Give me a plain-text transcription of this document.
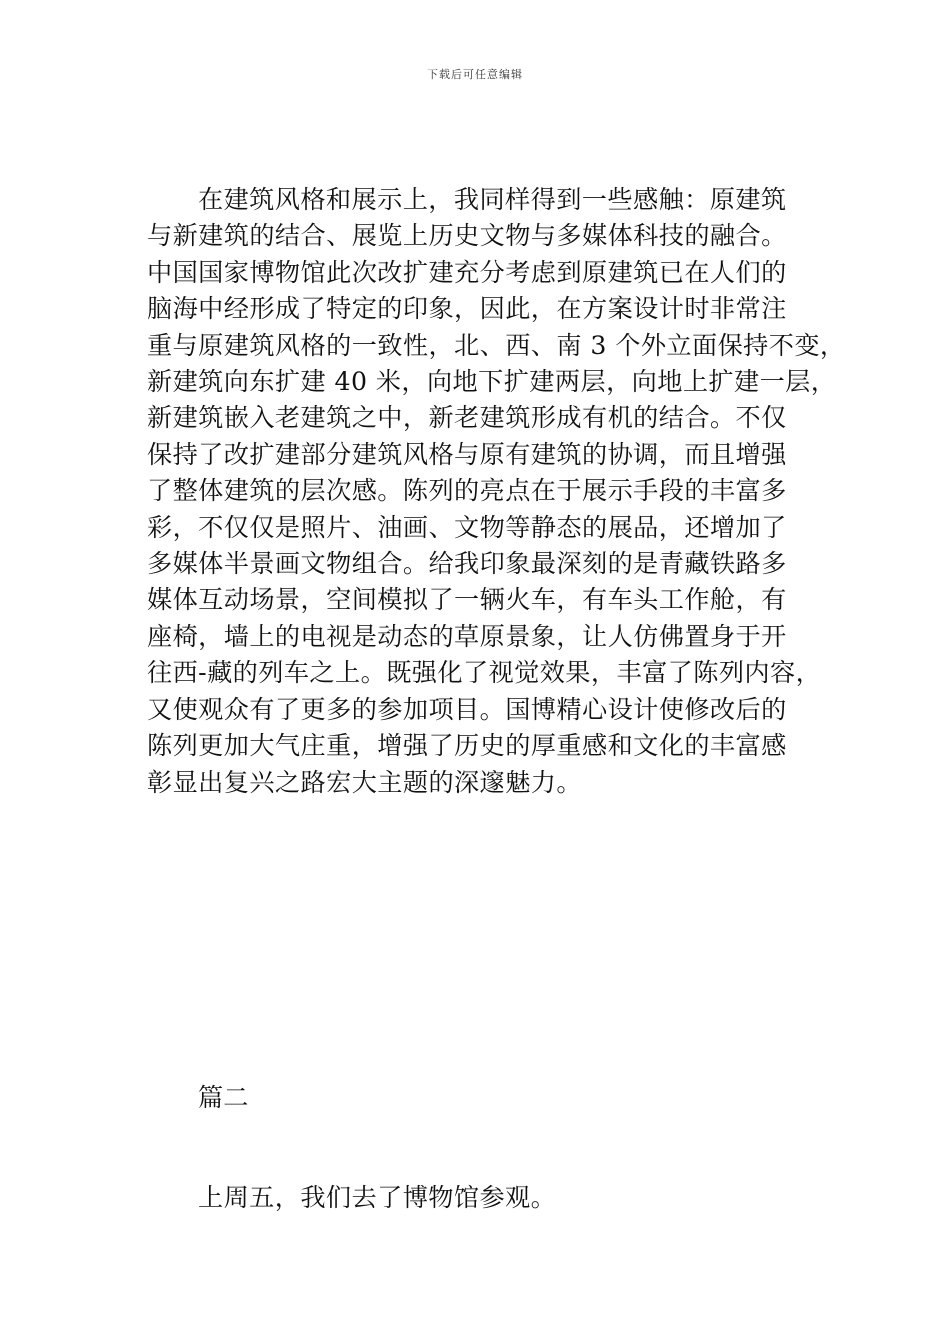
下载后可任意编辑
在建筑风格和展示上，我同样得到一些感触：原建筑
与新建筑的结合、展览上历史文物与多媒体科技的融合。
中国国家博物馆此次改扩建充分考虑到原建筑已在人们的
脑海中经形成了特定的印象，因此，在方案设计时非常注
重与原建筑风格的一致性，北、西、南 3 个外立面保持不变，
新建筑向东扩建 40 米，向地下扩建两层，向地上扩建一层，
新建筑嵌入老建筑之中，新老建筑形成有机的结合。不仅
保持了改扩建部分建筑风格与原有建筑的协调，而且增强
了整体建筑的层次感。陈列的亮点在于展示手段的丰富多
彩，不仅仅是照片、油画、文物等静态的展品，还增加了
多媒体半景画文物组合。给我印象最深刻的是青藏铁路多
媒体互动场景，空间模拟了一辆火车，有车头工作舱，有
座椅，墙上的电视是动态的草原景象，让人仿佛置身于开
往西-藏的列车之上。既强化了视觉效果，丰富了陈列内容，
又使观众有了更多的参加项目。国博精心设计使修改后的
陈列更加大气庄重，增强了历史的厚重感和文化的丰富感
彰显出复兴之路宏大主题的深邃魅力。
篇二
上周五，我们去了博物馆参观。
